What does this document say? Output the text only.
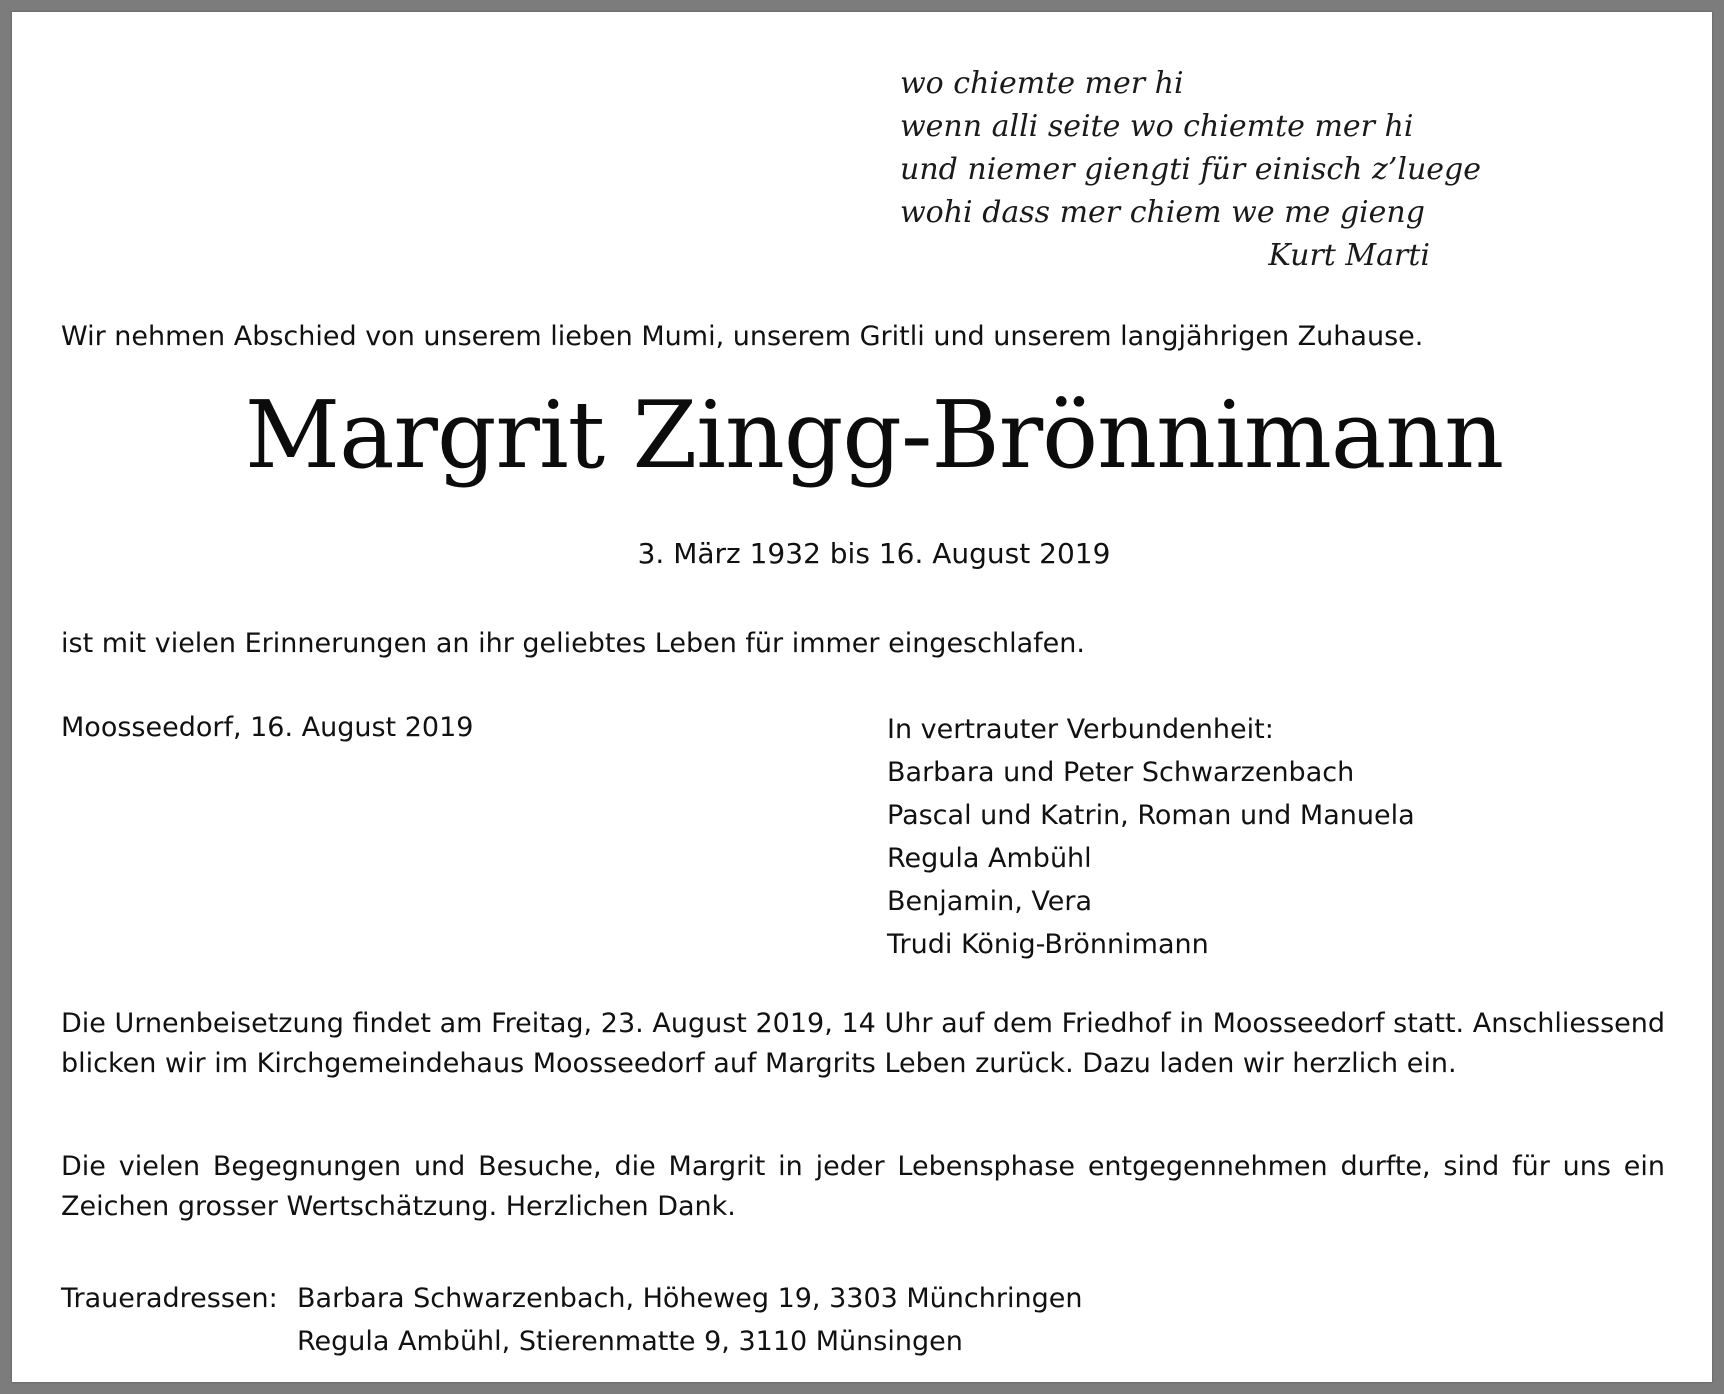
wo chiemte mer hi
wenn alli seite wo chiemte mer hi
und niemer giengti für einisch z’luege
wohi dass mer chiem we me gieng
Kurt Marti
Wir nehmen Abschied von unserem lieben Mumi, unserem Gritli und unserem langjährigen Zuhause.
Margrit Zingg-Brönnimann
3. März 1932 bis 16. August 2019
ist mit vielen Erinnerungen an ihr geliebtes Leben für immer eingeschlafen.
Moosseedorf, 16. August 2019	In vertrauter Verbundenheit:
Barbara und Peter Schwarzenbach
Pascal und Katrin, Roman und Manuela
Regula Ambühl
Benjamin, Vera
Trudi König-Brönnimann
Die Urnenbeisetzung findet am Freitag, 23. August 2019, 14 Uhr auf dem Friedhof in Moosseedorf statt. Anschliessend blicken wir im Kirchgemeindehaus Moosseedorf auf Margrits Leben zurück. Dazu laden wir herzlich ein.
Die vielen Begegnungen und Besuche, die Margrit in jeder Lebensphase entgegennehmen durfte, sind für uns ein Zeichen grosser Wertschätzung. Herzlichen Dank.
Traueradressen: Barbara Schwarzenbach, Höheweg 19, 3303 Münchringen
Regula Ambühl, Stierenmatte 9, 3110 Münsingen
